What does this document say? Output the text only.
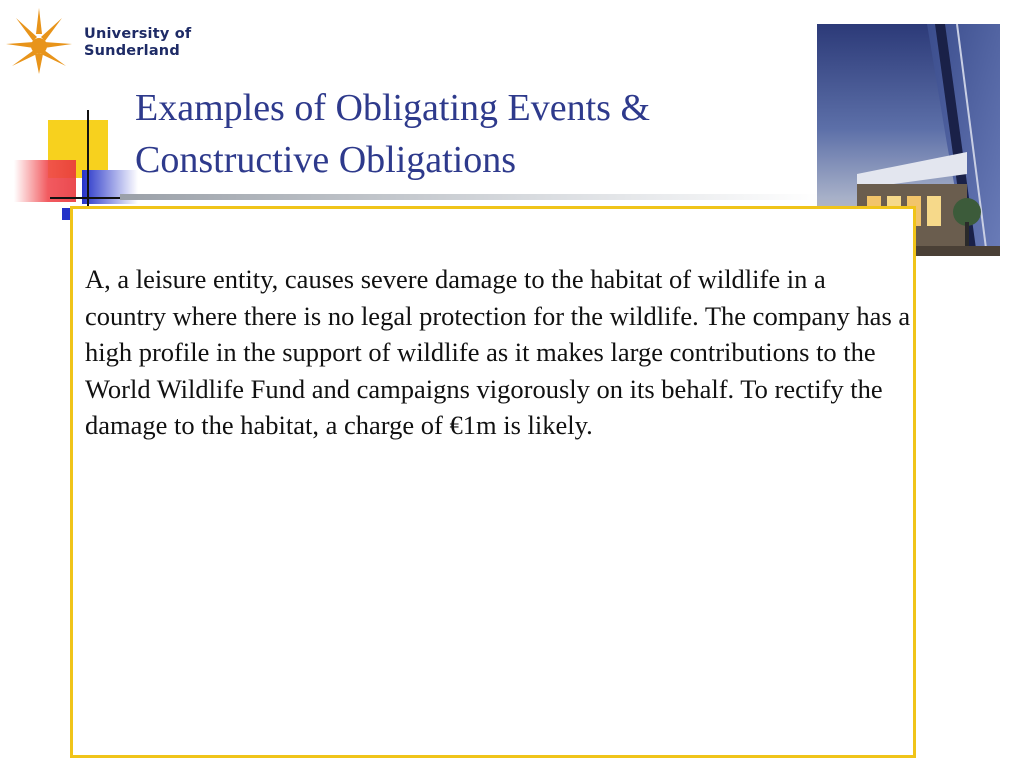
University of
Sunderland
Examples of Obligating Events &
Constructive Obligations

A, a leisure entity, causes severe damage to the habitat of wildlife in a country where there is no legal protection for the wildlife. The company has a high profile in the support of wildlife as it makes large contributions to the World Wildlife Fund and campaigns vigorously on its behalf. To rectify the damage to the habitat, a charge of €1m is likely.
